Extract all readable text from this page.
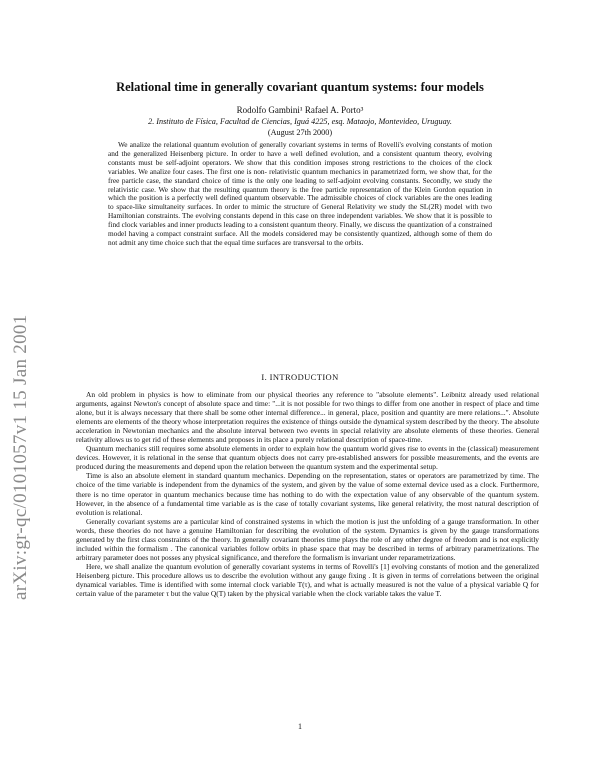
arXiv:gr-qc/0101057v1 15 Jan 2001
Relational time in generally covariant quantum systems: four models
Rodolfo Gambini¹ Rafael A. Porto³
2. Instituto de Física, Facultad de Ciencias, Iguá 4225, esq. Mataojo, Montevideo, Uruguay.
(August 27th 2000)

We analize the relational quantum evolution of generally covariant systems in terms of Rovelli's evolving constants of motion and the generalized Heisenberg picture. In order to have a well defined evolution, and a consistent quantum theory, evolving constants must be self-adjoint operators. We show that this condition imposes strong restrictions to the choices of the clock variables. We analize four cases. The first one is non- relativistic quantum mechanics in parametrized form, we show that, for the free particle case, the standard choice of time is the only one leading to self-adjoint evolving constants. Secondly, we study the relativistic case. We show that the resulting quantum theory is the free particle representation of the Klein Gordon equation in which the position is a perfectly well defined quantum observable. The admissible choices of clock variables are the ones leading to space-like simultaneity surfaces. In order to mimic the structure of General Relativity we study the SL(2R) model with two Hamiltonian constraints. The evolving constants depend in this case on three independent variables. We show that it is possible to find clock variables and inner products leading to a consistent quantum theory. Finally, we discuss the quantization of a constrained model having a compact constraint surface. All the models considered may be consistently quantized, although some of them do not admit any time choice such that the equal time surfaces are transversal to the orbits.

I. INTRODUCTION

An old problem in physics is how to eliminate from our physical theories any reference to "absolute elements". Leibnitz already used relational arguments, against Newton's concept of absolute space and time: "...it is not possible for two things to differ from one another in respect of place and time alone, but it is always necessary that there shall be some other internal difference... in general, place, position and quantity are mere relations...". Absolute elements are elements of the theory whose interpretation requires the existence of things outside the dynamical system described by the theory. The absolute acceleration in Newtonian mechanics and the absolute interval between two events in special relativity are absolute elements of these theories. General relativity allows us to get rid of these elements and proposes in its place a purely relational description of space-time.

Quantum mechanics still requires some absolute elements in order to explain how the quantum world gives rise to events in the (classical) measurement devices. However, it is relational in the sense that quantum objects does not carry pre-established answers for possible measurements, and the events are produced during the measurements and depend upon the relation between the quantum system and the experimental setup.

Time is also an absolute element in standard quantum mechanics. Depending on the representation, states or operators are parametrized by time. The choice of the time variable is independent from the dynamics of the system, and given by the value of some external device used as a clock. Furthermore, there is no time operator in quantum mechanics because time has nothing to do with the expectation value of any observable of the quantum system. However, in the absence of a fundamental time variable as is the case of totally covariant systems, like general relativity, the most natural description of evolution is relational.

Generally covariant systems are a particular kind of constrained systems in which the motion is just the unfolding of a gauge transformation. In other words, these theories do not have a genuine Hamiltonian for describing the evolution of the system. Dynamics is given by the gauge transformations generated by the first class constraints of the theory. In generally covariant theories time plays the role of any other degree of freedom and is not explicitly included within the formalism . The canonical variables follow orbits in phase space that may be described in terms of arbitrary parametrizations. The arbitrary parameter does not posses any physical significance, and therefore the formalism is invariant under reparametrizations.

Here, we shall analize the quantum evolution of generally covariant systems in terms of Rovelli's [1] evolving constants of motion and the generalized Heisenberg picture. This procedure allows us to describe the evolution without any gauge fixing . It is given in terms of correlations between the original dynamical variables. Time is identified with some internal clock variable T(τ), and what is actually measured is not the value of a physical variable Q for certain value of the parameter τ but the value Q(T) taken by the physical variable when the clock variable takes the value T.

1
